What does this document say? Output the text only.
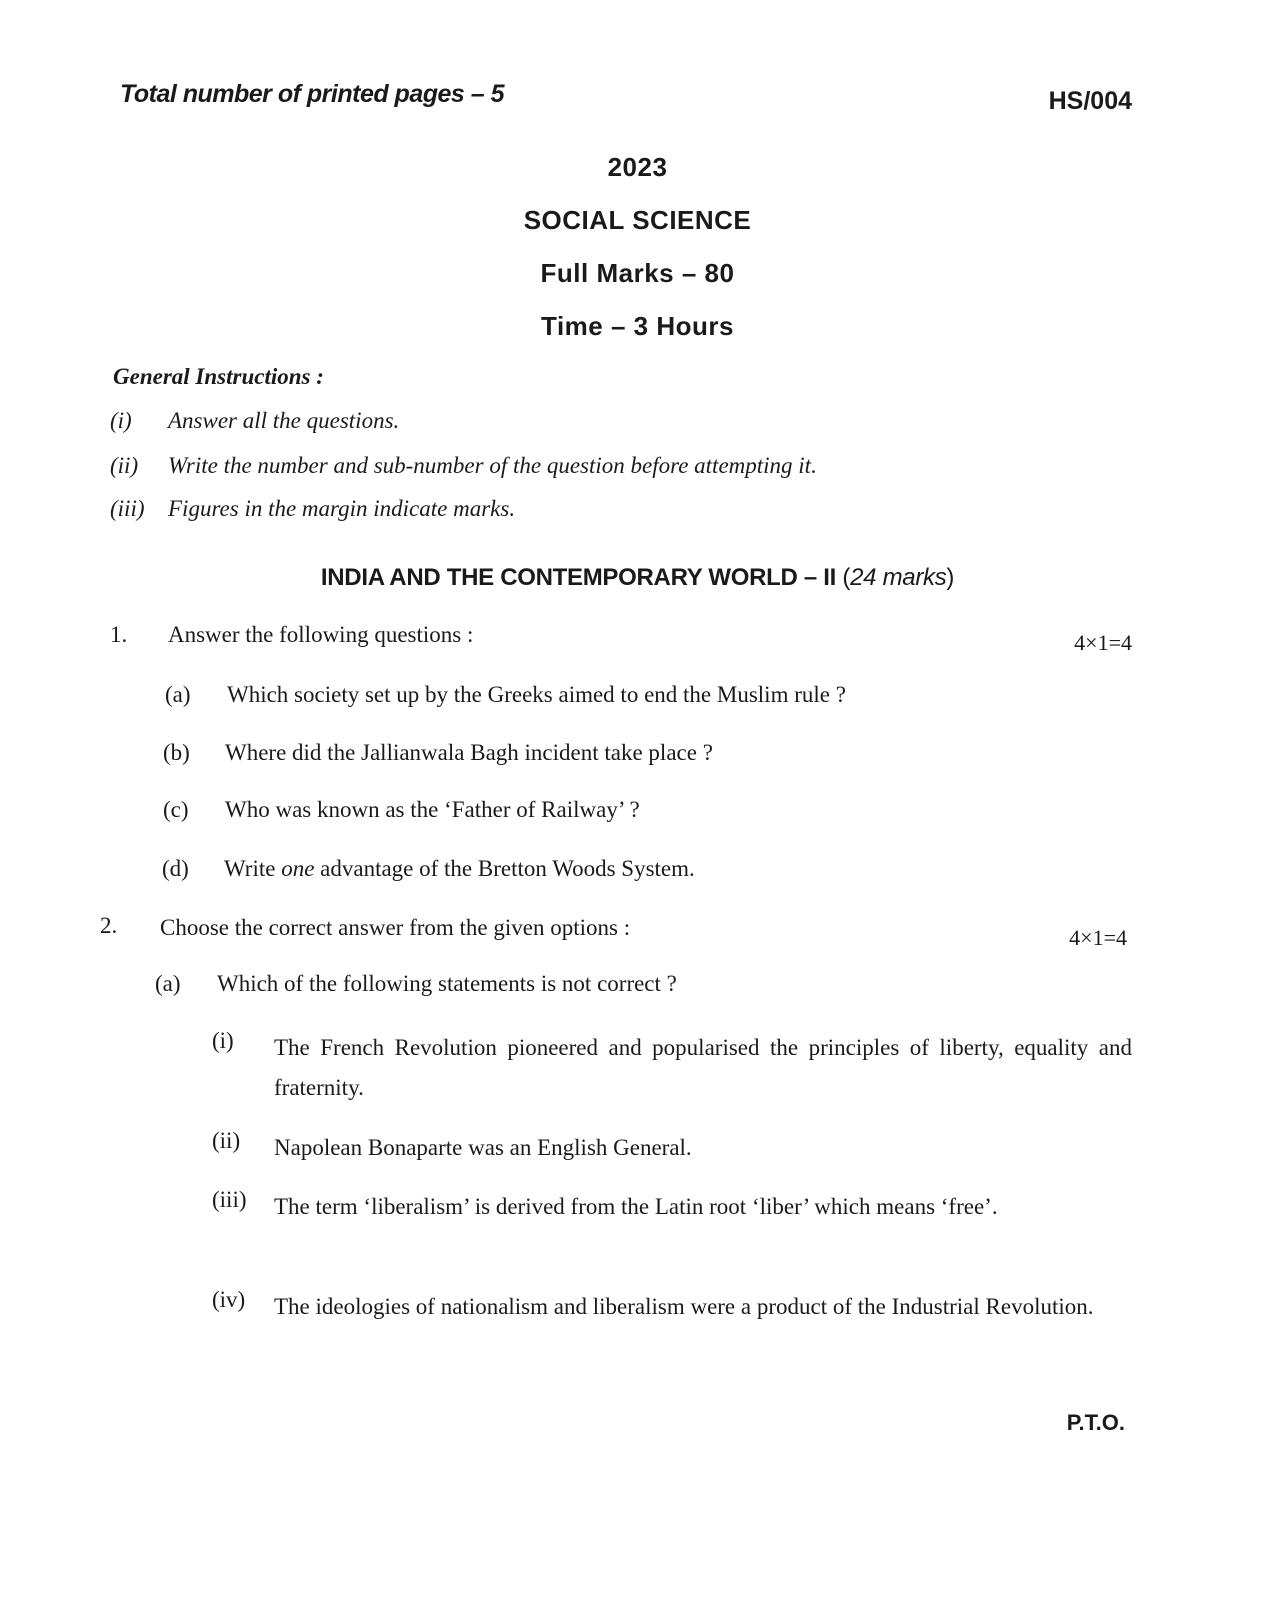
Total number of printed pages – 5	HS/004
2023
SOCIAL SCIENCE
Full Marks – 80
Time – 3 Hours
General Instructions :
(i) Answer all the questions.
(ii) Write the number and sub-number of the question before attempting it.
(iii) Figures in the margin indicate marks.
INDIA AND THE CONTEMPORARY WORLD – II (24 marks)
1. Answer the following questions :	4×1=4
(a) Which society set up by the Greeks aimed to end the Muslim rule ?
(b) Where did the Jallianwala Bagh incident take place ?
(c) Who was known as the ‘Father of Railway’ ?
(d) Write one advantage of the Bretton Woods System.
2. Choose the correct answer from the given options :	4×1=4
(a) Which of the following statements is not correct ?
(i) The French Revolution pioneered and popularised the principles of liberty, equality and fraternity.
(ii) Napolean Bonaparte was an English General.
(iii) The term ‘liberalism’ is derived from the Latin root ‘liber’ which means ‘free’.
(iv) The ideologies of nationalism and liberalism were a product of the Industrial Revolution.
P.T.O.
